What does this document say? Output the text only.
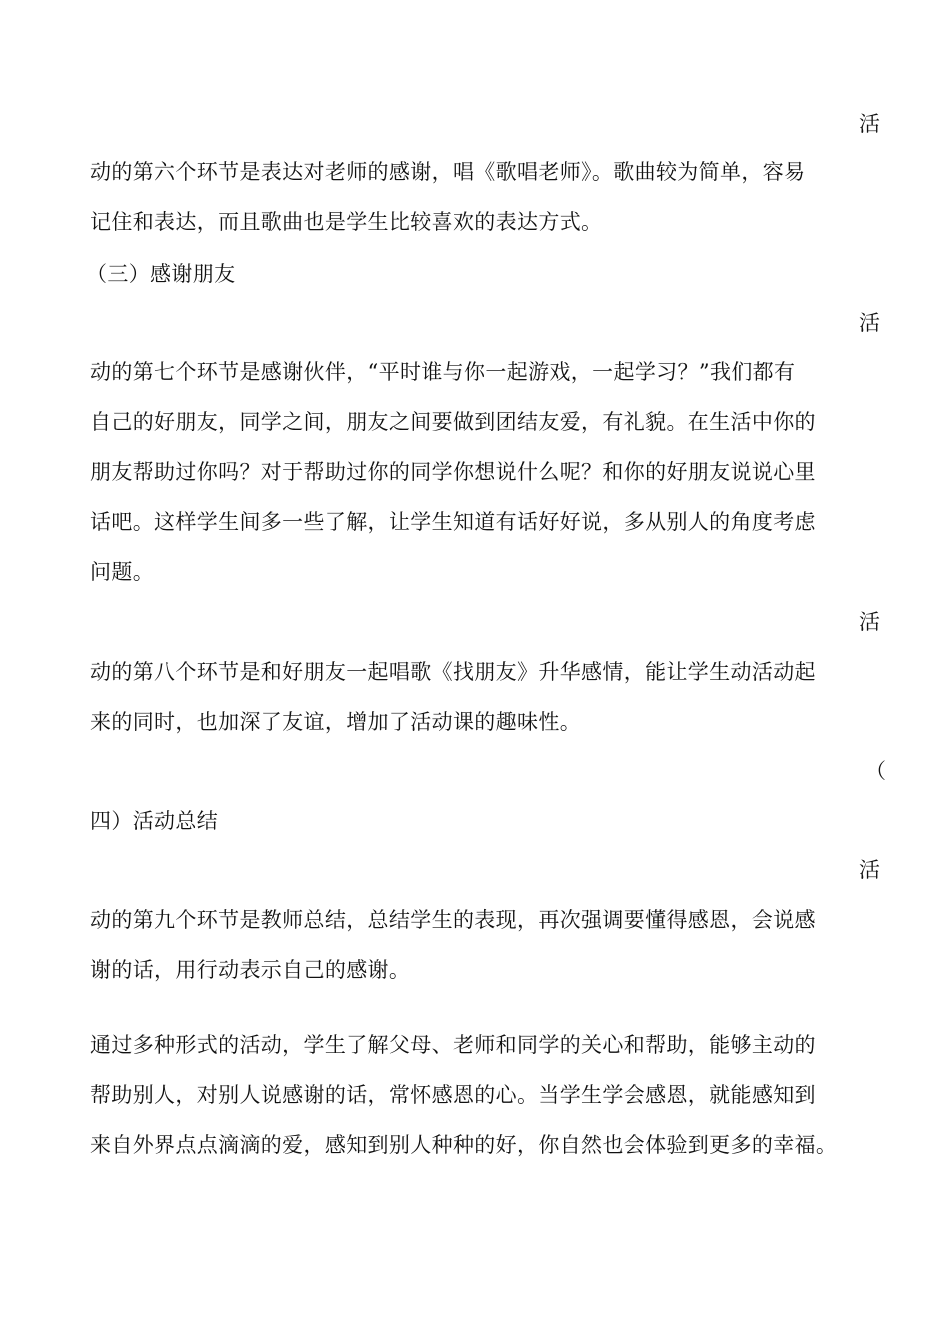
活
动的第六个环节是表达对老师的感谢，唱《歌唱老师》。歌曲较为简单，容易
记住和表达，而且歌曲也是学生比较喜欢的表达方式。
（三）感谢朋友
活
动的第七个环节是感谢伙伴，“平时谁与你一起游戏，一起学习？”我们都有
自己的好朋友，同学之间，朋友之间要做到团结友爱，有礼貌。在生活中你的
朋友帮助过你吗？对于帮助过你的同学你想说什么呢？和你的好朋友说说心里
话吧。这样学生间多一些了解，让学生知道有话好好说，多从别人的角度考虑
问题。
活
动的第八个环节是和好朋友一起唱歌《找朋友》升华感情，能让学生动活动起
来的同时，也加深了友谊，增加了活动课的趣味性。
（
四）活动总结
活
动的第九个环节是教师总结，总结学生的表现，再次强调要懂得感恩，会说感
谢的话，用行动表示自己的感谢。
通过多种形式的活动，学生了解父母、老师和同学的关心和帮助，能够主动的
帮助别人，对别人说感谢的话，常怀感恩的心。当学生学会感恩，就能感知到
来自外界点点滴滴的爱，感知到别人种种的好，你自然也会体验到更多的幸福。
